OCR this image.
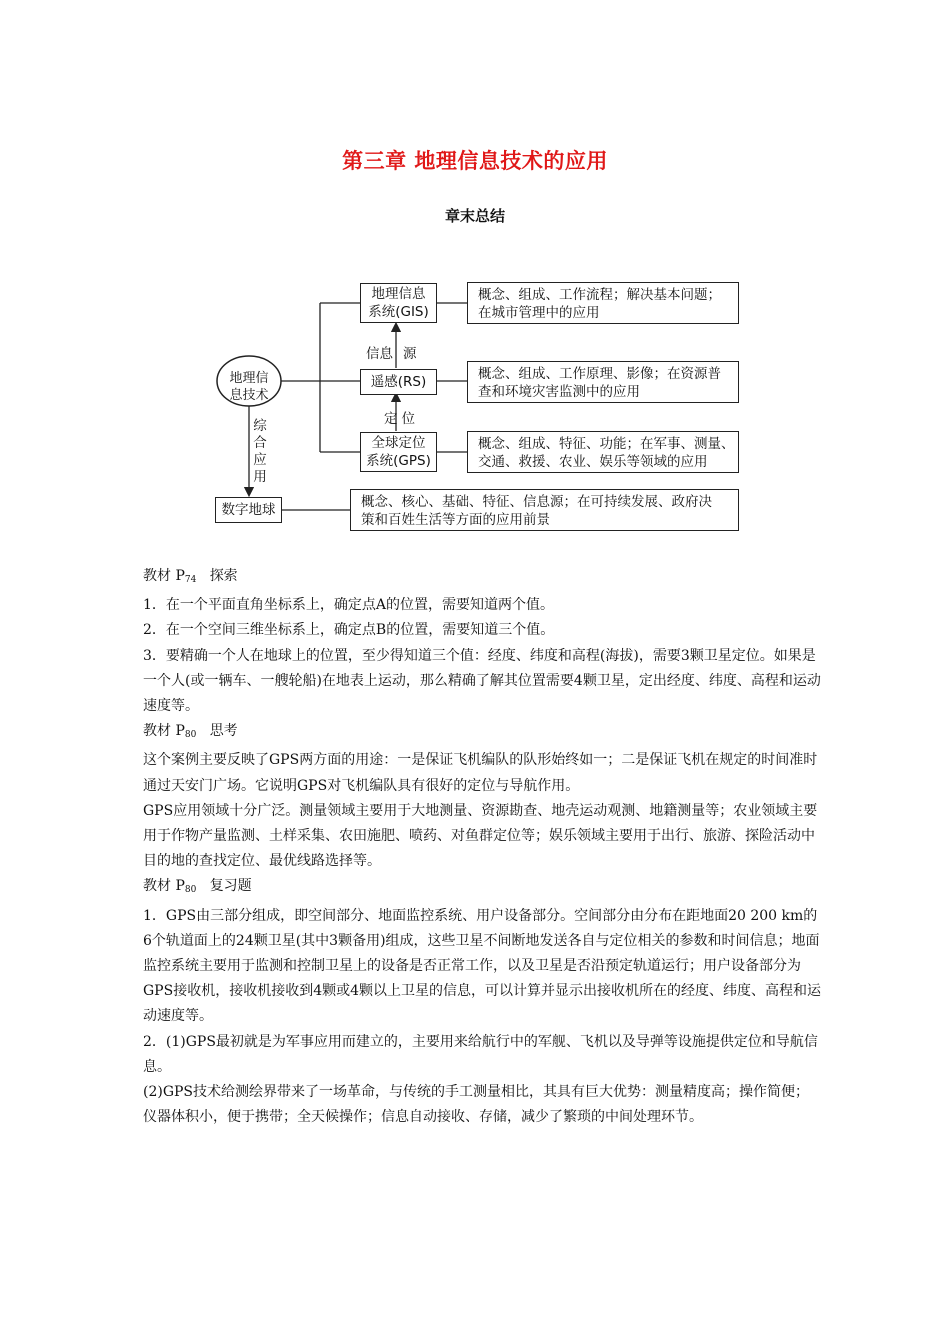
第三章 地理信息技术的应用
章末总结
地理信
息技术
地理信息
系统(GIS)
概念、组成、工作流程；解决基本问题；
在城市管理中的应用
信息 源
遥感(RS)	概念、组成、工作原理、影像；在资源普
查和环境灾害监测中的应用
定位
全球定位
系统(GPS)
概念、组成、特征、功能；在军事、测量、
交通、救援、农业、娱乐等领域的应用
综
合
应
用
数字地球	概念、核心、基础、特征、信息源；在可持续发展、政府决
策和百姓生活等方面的应用前景

教材 $P_{74}$ 探索

1．在一个平面直角坐标系上，确定点A的位置，需要知道两个值。

2．在一个空间三维坐标系上，确定点B的位置，需要知道三个值。

3．要精确一个人在地球上的位置，至少得知道三个值：经度、纬度和高程(海拔)，需要3颗卫星定位。如果是一个人(或一辆车、一艘轮船)在地表上运动，那么精确了解其位置需要4颗卫星，定出经度、纬度、高程和运动速度等。

教材 $P_{80}$ 思考

这个案例主要反映了GPS两方面的用途：一是保证飞机编队的队形始终如一；二是保证飞机在规定的时间准时通过天安门广场。它说明GPS对飞机编队具有很好的定位与导航作用。

GPS应用领域十分广泛。测量领域主要用于大地测量、资源勘查、地壳运动观测、地籍测量等；农业领域主要用于作物产量监测、土样采集、农田施肥、喷药、对鱼群定位等；娱乐领域主要用于出行、旅游、探险活动中目的地的查找定位、最优线路选择等。

教材 $P_{80}$ 复习题

1．GPS由三部分组成，即空间部分、地面监控系统、用户设备部分。空间部分由分布在距地面20 200 km的6个轨道面上的24颗卫星(其中3颗备用)组成，这些卫星不间断地发送各自与定位相关的参数和时间信息；地面监控系统主要用于监测和控制卫星上的设备是否正常工作，以及卫星是否沿预定轨道运行；用户设备部分为GPS接收机，接收机接收到4颗或4颗以上卫星的信息，可以计算并显示出接收机所在的经度、纬度、高程和运动速度等。

2．(1)GPS最初就是为军事应用而建立的，主要用来给航行中的军舰、飞机以及导弹等设施提供定位和导航信息。

(2)GPS技术给测绘界带来了一场革命，与传统的手工测量相比，其具有巨大优势：测量精度高；操作简便；仪器体积小，便于携带；全天候操作；信息自动接收、存储，减少了繁琐的中间处理环节。
